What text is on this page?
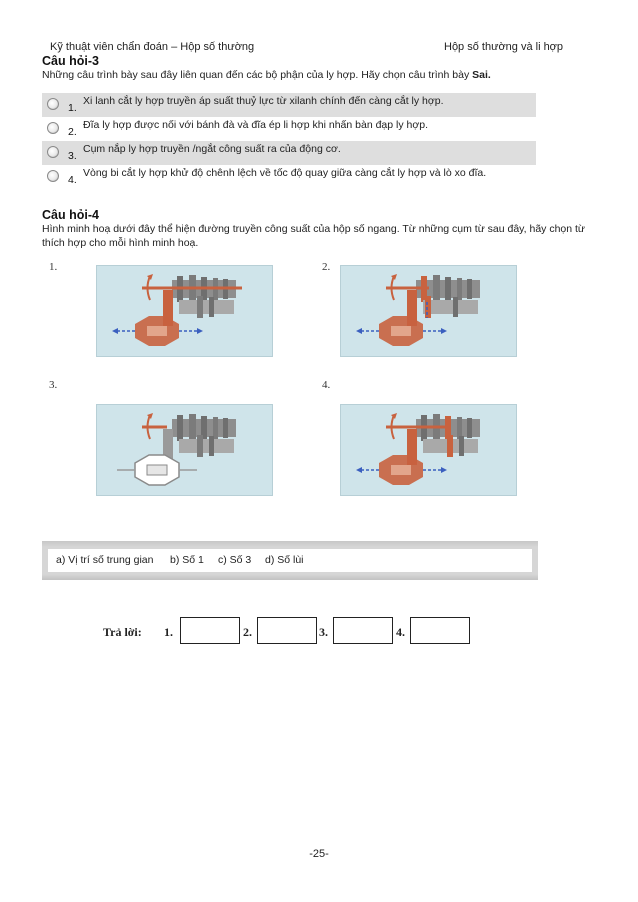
Kỹ thuật viên chẩn đoán – Hộp số thường	Hộp số thường và li hợp
Câu hỏi-3
Những câu trình bày sau đây liên quan đến các bộ phận của ly hợp. Hãy chọn câu trình bày Sai.
1.
Xi lanh cắt ly hợp truyền áp suất thuỷ lực từ xilanh chính đến càng cắt ly hợp.
2.
Đĩa ly hợp được nối với bánh đà và đĩa ép li hợp khi nhấn bàn đạp ly hợp.
3.
Cụm nắp ly hợp truyền /ngắt công suất ra của động cơ.
4.
Vòng bi cắt ly hợp khử độ chênh lệch về tốc độ quay giữa càng cắt ly hợp và lò xo đĩa.
Câu hỏi-4
Hình minh hoạ dưới đây thể hiện đường truyền công suất của hộp số ngang. Từ những cụm từ sau đây, hãy chọn từ
thích hợp cho mỗi hình minh hoạ.
1.	2.
3.	4.
a) Vị trí số trung gian b) Số 1 c) Số 3 d) Số lùi
Trả lời: 1.	2.	3.	4.
-25-
